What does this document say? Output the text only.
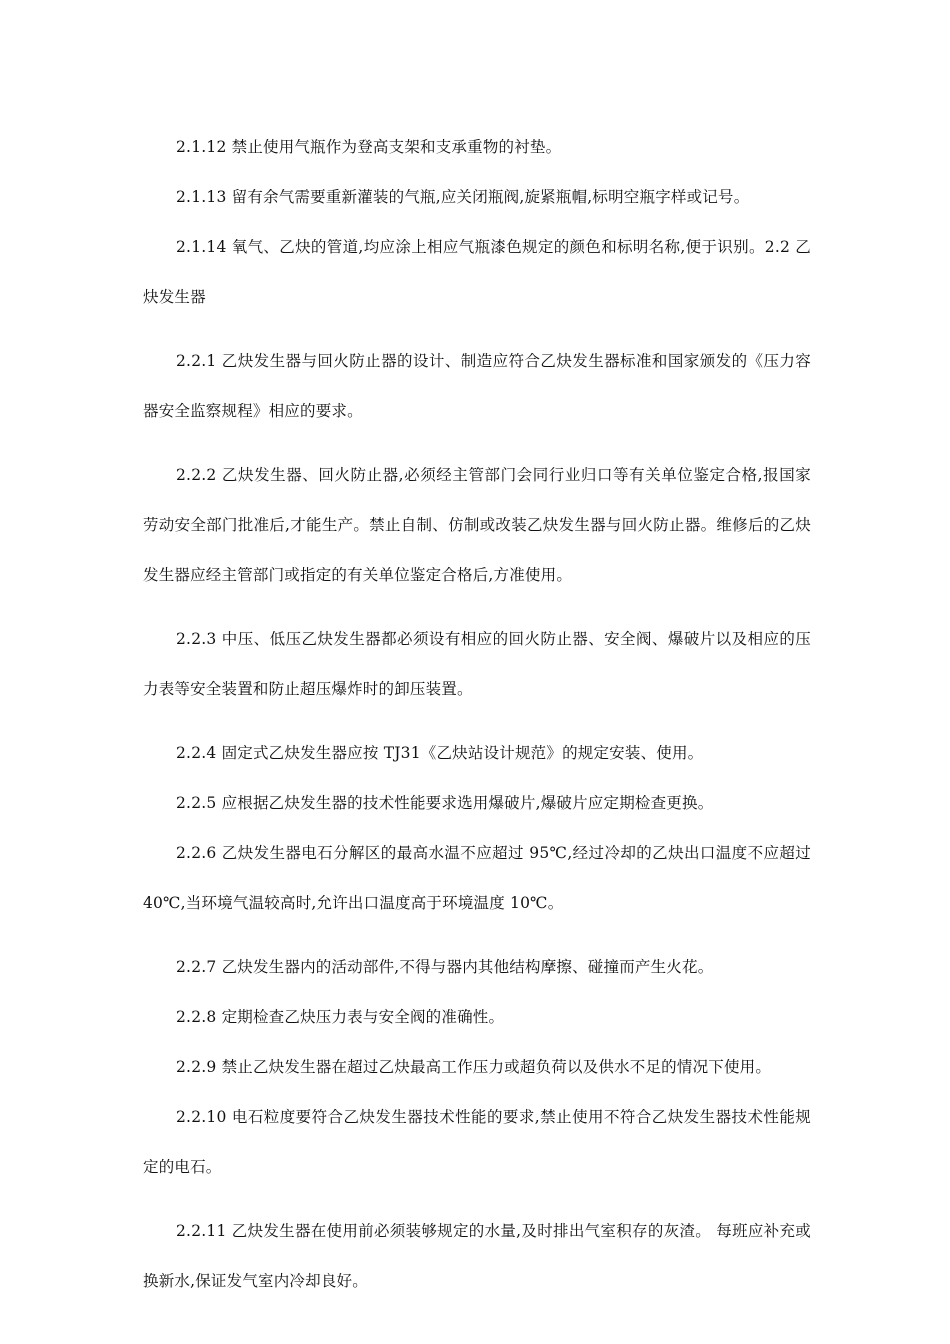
2.1.12 禁止使用气瓶作为登高支架和支承重物的衬垫。

2.1.13 留有余气需要重新灌装的气瓶,应关闭瓶阀,旋紧瓶帽,标明空瓶字样或记号。

2.1.14 氧气、乙炔的管道,均应涂上相应气瓶漆色规定的颜色和标明名称,便于识别。2.2 乙炔发生器

2.2.1 乙炔发生器与回火防止器的设计、制造应符合乙炔发生器标准和国家颁发的《压力容器安全监察规程》相应的要求。

2.2.2 乙炔发生器、回火防止器,必须经主管部门会同行业归口等有关单位鉴定合格,报国家劳动安全部门批准后,才能生产。禁止自制、仿制或改装乙炔发生器与回火防止器。维修后的乙炔发生器应经主管部门或指定的有关单位鉴定合格后,方准使用。

2.2.3 中压、低压乙炔发生器都必须设有相应的回火防止器、安全阀、爆破片以及相应的压力表等安全装置和防止超压爆炸时的卸压装置。

2.2.4 固定式乙炔发生器应按 TJ31《乙炔站设计规范》的规定安装、使用。

2.2.5 应根据乙炔发生器的技术性能要求选用爆破片,爆破片应定期检查更换。

2.2.6 乙炔发生器电石分解区的最高水温不应超过 95℃,经过冷却的乙炔出口温度不应超过 40℃,当环境气温较高时,允许出口温度高于环境温度 10℃。

2.2.7 乙炔发生器内的活动部件,不得与器内其他结构摩擦、碰撞而产生火花。

2.2.8 定期检查乙炔压力表与安全阀的准确性。

2.2.9 禁止乙炔发生器在超过乙炔最高工作压力或超负荷以及供水不足的情况下使用。

2.2.10 电石粒度要符合乙炔发生器技术性能的要求,禁止使用不符合乙炔发生器技术性能规定的电石。

2.2.11 乙炔发生器在使用前必须装够规定的水量,及时排出气室积存的灰渣。 每班应补充或换新水,保证发气室内冷却良好。
